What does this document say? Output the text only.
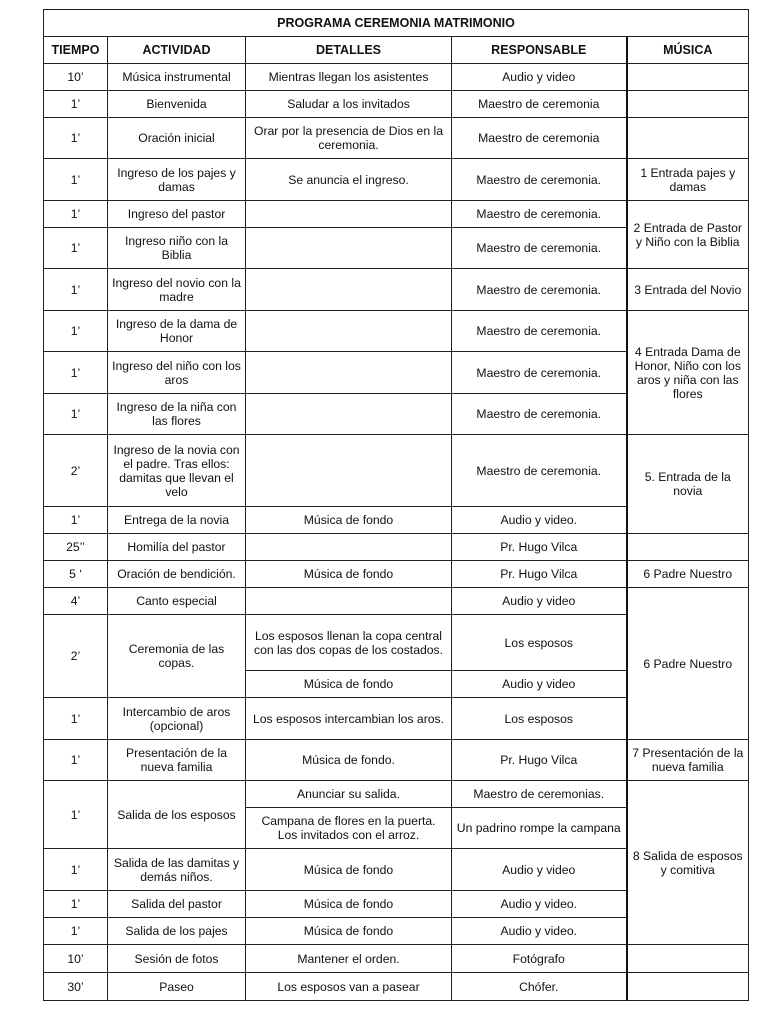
PROGRAMA CEREMONIA MATRIMONIO				
TIEMPO	ACTIVIDAD	DETALLES	RESPONSABLE	MÚSICA
10’	Música instrumental	Mientras llegan los asistentes	Audio y video	
1’	Bienvenida	Saludar a los invitados	Maestro de ceremonia	
1’	Oración inicial	Orar por la presencia de Dios en la ceremonia.	Maestro de ceremonia	
1’	Ingreso de los pajes y damas	Se anuncia el ingreso.	Maestro de ceremonia.	1 Entrada pajes y damas
1’	Ingreso del pastor		Maestro de ceremonia.	2 Entrada de Pastor y Niño con la Biblia
1’	Ingreso niño con la Biblia		Maestro de ceremonia.	
1’	Ingreso del novio con la madre		Maestro de ceremonia.	3 Entrada del Novio
1’	Ingreso de la dama de Honor		Maestro de ceremonia.	4 Entrada Dama de Honor, Niño con los aros y niña con las flores
1’	Ingreso del niño con los aros		Maestro de ceremonia.	
1’	Ingreso de la niña con las flores		Maestro de ceremonia.	
2’	Ingreso de la novia con el padre. Tras ellos: damitas que llevan el velo		Maestro de ceremonia.	5. Entrada de la novia
1’	Entrega de la novia	Música de fondo	Audio y video.	
25’’	Homilía del pastor		Pr. Hugo Vilca	
5 ‘	Oración de bendición.	Música de fondo	Pr. Hugo Vilca	6 Padre Nuestro
4’	Canto especial		Audio y video	6 Padre Nuestro
2’	Ceremonia de las copas.	Los esposos llenan la copa central con las dos copas de los costados.	Los esposos	
		Música de fondo	Audio y video	
1’	Intercambio de aros (opcional)	Los esposos intercambian los aros.	Los esposos	
1’	Presentación de la nueva familia	Música de fondo.	Pr. Hugo Vilca	7 Presentación de la nueva familia
1’	Salida de los esposos	Anunciar su salida.	Maestro de ceremonias.	8 Salida de esposos y comitiva
		Campana de flores en la puerta. Los invitados con el arroz.	Un padrino rompe la campana	
1’	Salida de las damitas y demás niños.	Música de fondo	Audio y video	
1’	Salida del pastor	Música de fondo	Audio y video.	
1’	Salida de los pajes	Música de fondo	Audio y video.	
10’	Sesión de fotos	Mantener el orden.	Fotógrafo	
30’	Paseo	Los esposos van a pasear	Chófer.	
